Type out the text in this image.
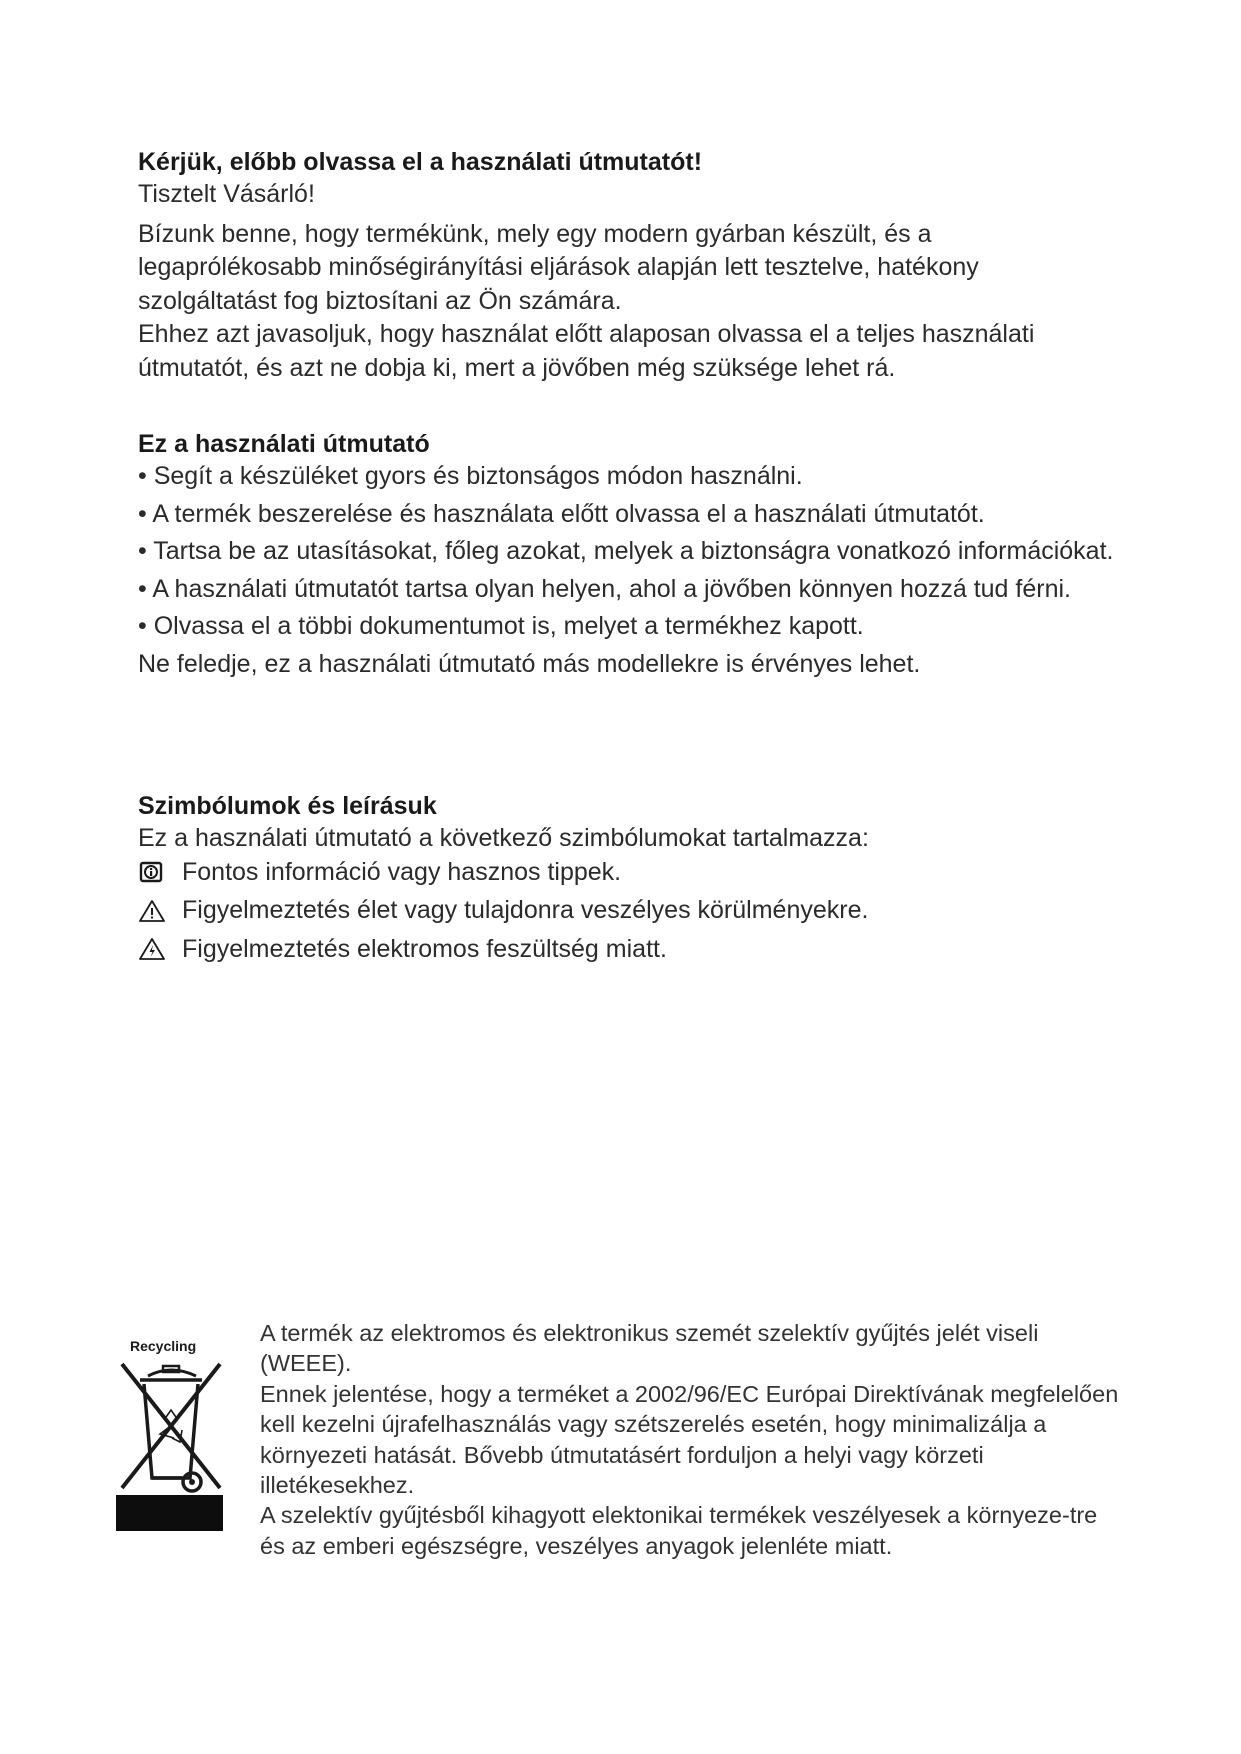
Kérjük, előbb olvassa el a használati útmutatót!

Tisztelt Vásárló!

Bízunk benne, hogy termékünk, mely egy modern gyárban készült, és a legaprólékosabb minőségirányítási eljárások alapján lett tesztelve, hatékony szolgáltatást fog biztosítani az Ön számára.

Ehhez azt javasoljuk, hogy használat előtt alaposan olvassa el a teljes használati útmutatót, és azt ne dobja ki, mert a jövőben még szüksége lehet rá.

Ez a használati útmutató

• Segít a készüléket gyors és biztonságos módon használni.

• A termék beszerelése és használata előtt olvassa el a használati útmutatót.

• Tartsa be az utasításokat, főleg azokat, melyek a biztonságra vonatkozó információkat.

• A használati útmutatót tartsa olyan helyen, ahol a jövőben könnyen hozzá tud férni.

• Olvassa el a többi dokumentumot is, melyet a termékhez kapott.

Ne feledje, ez a használati útmutató más modellekre is érvényes lehet.

Szimbólumok és leírásuk

Ez a használati útmutató a következő szimbólumokat tartalmazza:

Fontos információ vagy hasznos tippek.
Figyelmeztetés élet vagy tulajdonra veszélyes körülményekre.
Figyelmeztetés elektromos feszültség miatt.
Recycling	A termék az elektromos és elektronikus szemét szelektív gyűjtés jelét viseli (WEEE).

Ennek jelentése, hogy a terméket a 2002/96/EC Európai Direktívának megfelelően kell kezelni újrafelhasználás vagy szétszerelés esetén, hogy minimalizálja a környezeti hatását. Bővebb útmutatásért forduljon a helyi vagy körzeti illetékesekhez.

A szelektív gyűjtésből kihagyott elektonikai termékek veszélyesek a környeze-tre és az emberi egészségre, veszélyes anyagok jelenléte miatt.
